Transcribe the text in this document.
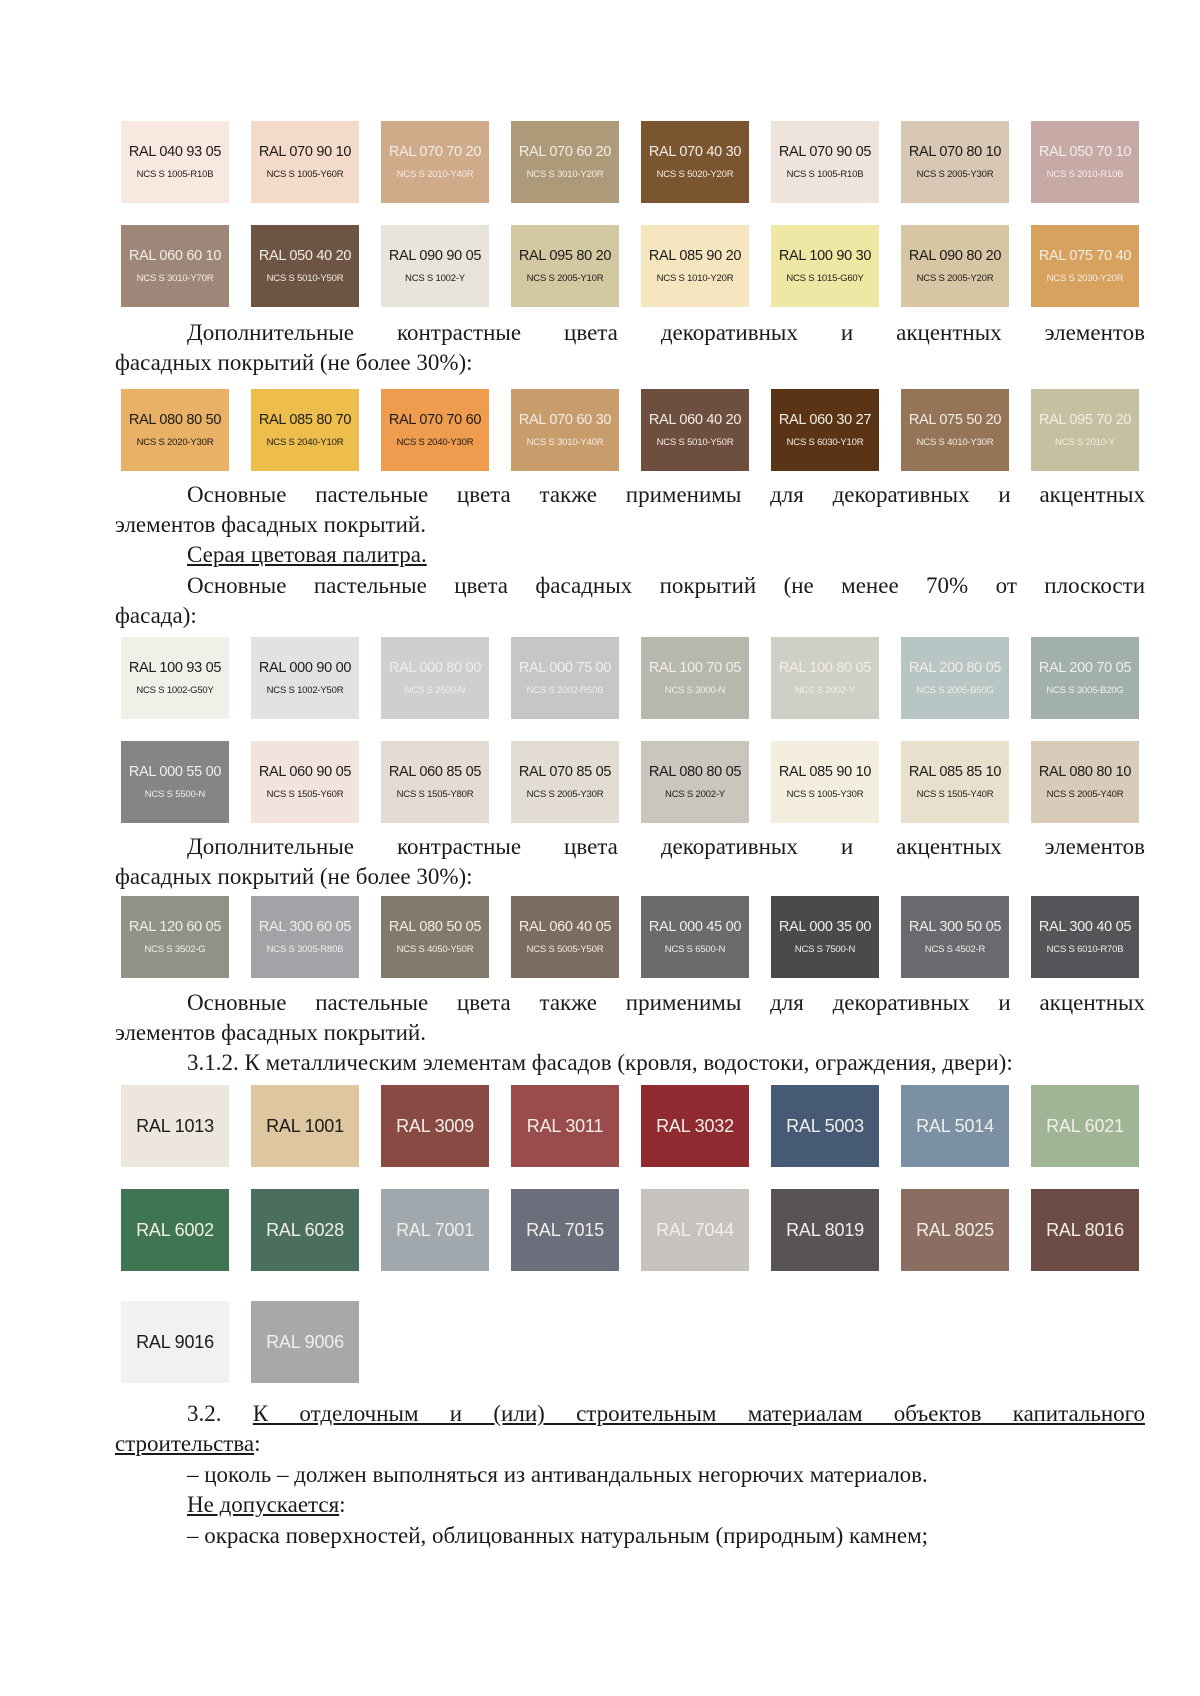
RAL 040 93 05
NCS S 1005-R10B
RAL 070 90 10
NCS S 1005-Y60R
RAL 070 70 20
NCS S 2010-Y40R
RAL 070 60 20
NCS S 3010-Y20R
RAL 070 40 30
NCS S 5020-Y20R
RAL 070 90 05
NCS S 1005-R10B
RAL 070 80 10
NCS S 2005-Y30R
RAL 050 70 10
NCS S 2010-R10B
RAL 060 60 10
NCS S 3010-Y70R
RAL 050 40 20
NCS S 5010-Y50R
RAL 090 90 05
NCS S 1002-Y
RAL 095 80 20
NCS S 2005-Y10R
RAL 085 90 20
NCS S 1010-Y20R
RAL 100 90 30
NCS S 1015-G60Y
RAL 090 80 20
NCS S 2005-Y20R
RAL 075 70 40
NCS S 2030-Y20R
Дополнительные контрастные цвета декоративных и акцентных элементов
фасадных покрытий (не более 30%):
RAL 080 80 50
NCS S 2020-Y30R
RAL 085 80 70
NCS S 2040-Y10R
RAL 070 70 60
NCS S 2040-Y30R
RAL 070 60 30
NCS S 3010-Y40R
RAL 060 40 20
NCS S 5010-Y50R
RAL 060 30 27
NCS S 6030-Y10R
RAL 075 50 20
NCS S 4010-Y30R
RAL 095 70 20
NCS S 2010-Y
Основные пастельные цвета также применимы для декоративных и акцентных
элементов фасадных покрытий.
Серая цветовая палитра.
Основные пастельные цвета фасадных покрытий (не менее 70% от плоскости
фасада):
RAL 100 93 05
NCS S 1002-G50Y
RAL 000 90 00
NCS S 1002-Y50R
RAL 000 80 00
NCS S 2500-N
RAL 000 75 00
NCS S 2002-R50B
RAL 100 70 05
NCS S 3000-N
RAL 100 80 05
NCS S 2002-Y
RAL 200 80 05
NCS S 2005-B50G
RAL 200 70 05
NCS S 3005-B20G
RAL 000 55 00
NCS S 5500-N
RAL 060 90 05
NCS S 1505-Y60R
RAL 060 85 05
NCS S 1505-Y80R
RAL 070 85 05
NCS S 2005-Y30R
RAL 080 80 05
NCS S 2002-Y
RAL 085 90 10
NCS S 1005-Y30R
RAL 085 85 10
NCS S 1505-Y40R
RAL 080 80 10
NCS S 2005-Y40R
Дополнительные контрастные цвета декоративных и акцентных элементов
фасадных покрытий (не более 30%):
RAL 120 60 05
NCS S 3502-G
RAL 300 60 05
NCS S 3005-R80B
RAL 080 50 05
NCS S 4050-Y50R
RAL 060 40 05
NCS S 5005-Y50R
RAL 000 45 00
NCS S 6500-N
RAL 000 35 00
NCS S 7500-N
RAL 300 50 05
NCS S 4502-R
RAL 300 40 05
NCS S 6010-R70B
Основные пастельные цвета также применимы для декоративных и акцентных
элементов фасадных покрытий.
3.1.2. К металлическим элементам фасадов (кровля, водостоки, ограждения, двери):
RAL 1013	RAL 1001	RAL 3009	RAL 3011	RAL 3032	RAL 5003	RAL 5014	RAL 6021
RAL 6002	RAL 6028	RAL 7001	RAL 7015	RAL 7044	RAL 8019	RAL 8025	RAL 8016
RAL 9016	RAL 9006
3.2. К отделочным и (или) строительным материалам объектов капитального
строительства:
– цоколь – должен выполняться из антивандальных негорючих материалов.
Не допускается:
– окраска поверхностей, облицованных натуральным (природным) камнем;
